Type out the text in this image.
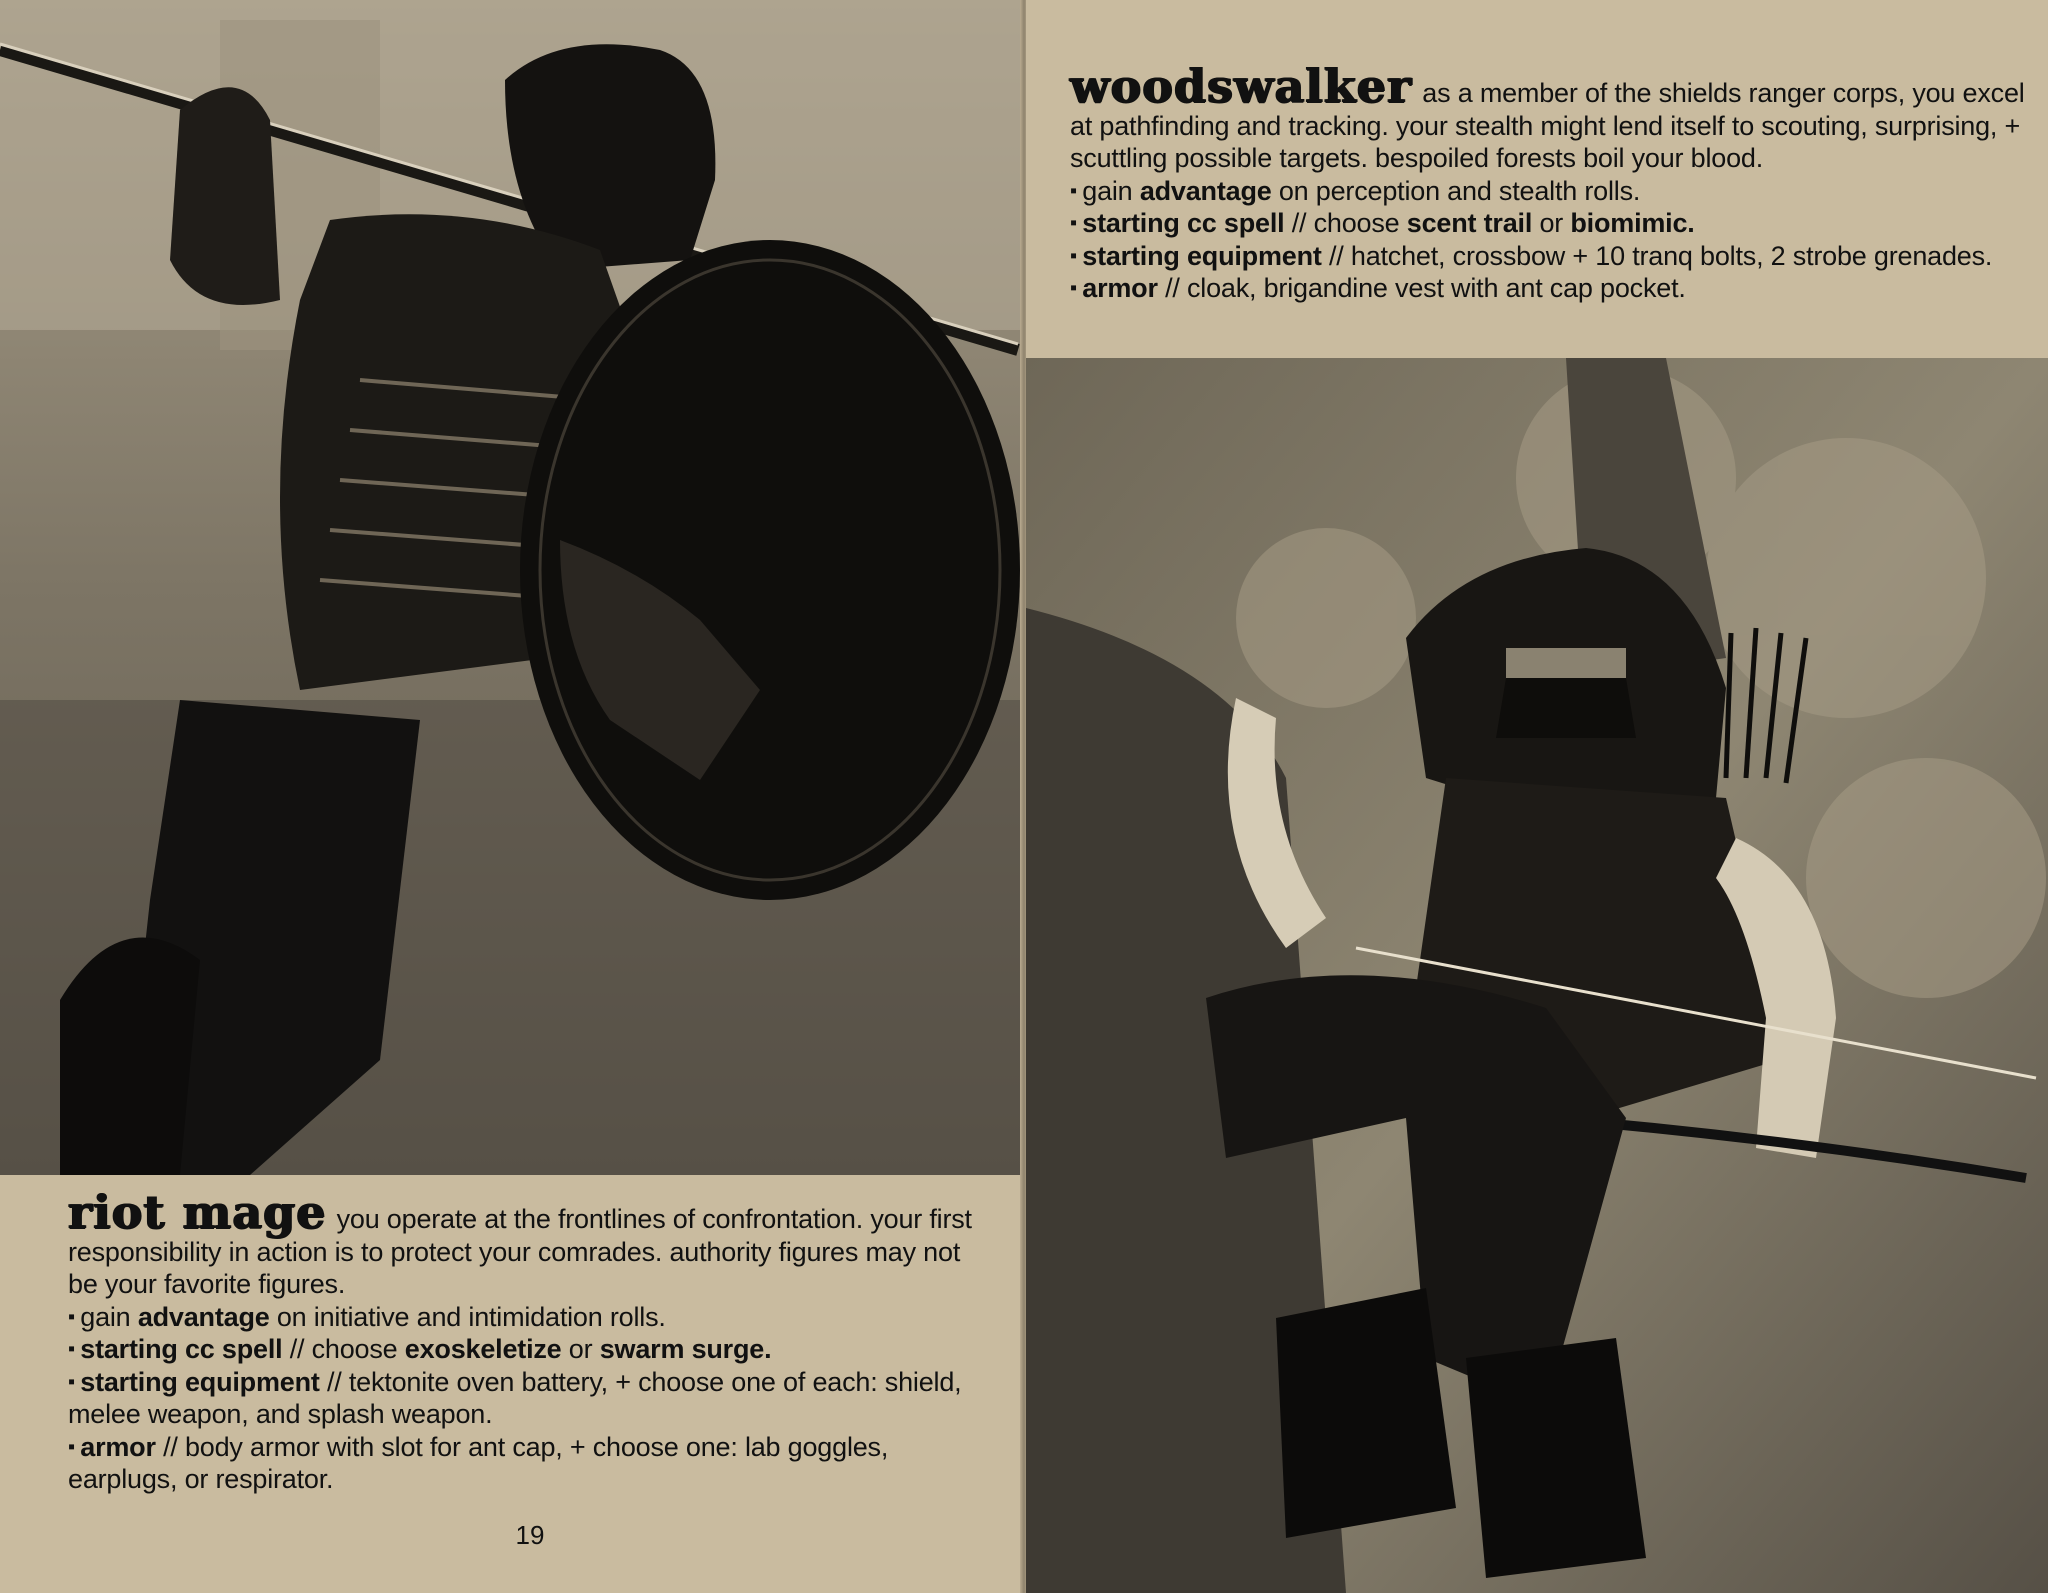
riot mage you operate at the frontlines of confrontation. your first responsibility in action is to protect your comrades. authority figures may not be your favorite figures.
▪ gain advantage on initiative and intimidation rolls.
▪ starting cc spell // choose exoskeletize or swarm surge.
▪ starting equipment // tektonite oven battery, + choose one of each: shield, melee weapon, and splash weapon.
▪ armor // body armor with slot for ant cap, + choose one: lab goggles, earplugs, or respirator.
19
woodswalker as a member of the shields ranger corps, you excel at pathfinding and tracking. your stealth might lend itself to scouting, surprising, + scuttling possible targets. bespoiled forests boil your blood.
▪ gain advantage on perception and stealth rolls.
▪ starting cc spell // choose scent trail or biomimic.
▪ starting equipment // hatchet, crossbow + 10 tranq bolts, 2 strobe grenades.
▪ armor // cloak, brigandine vest with ant cap pocket.
